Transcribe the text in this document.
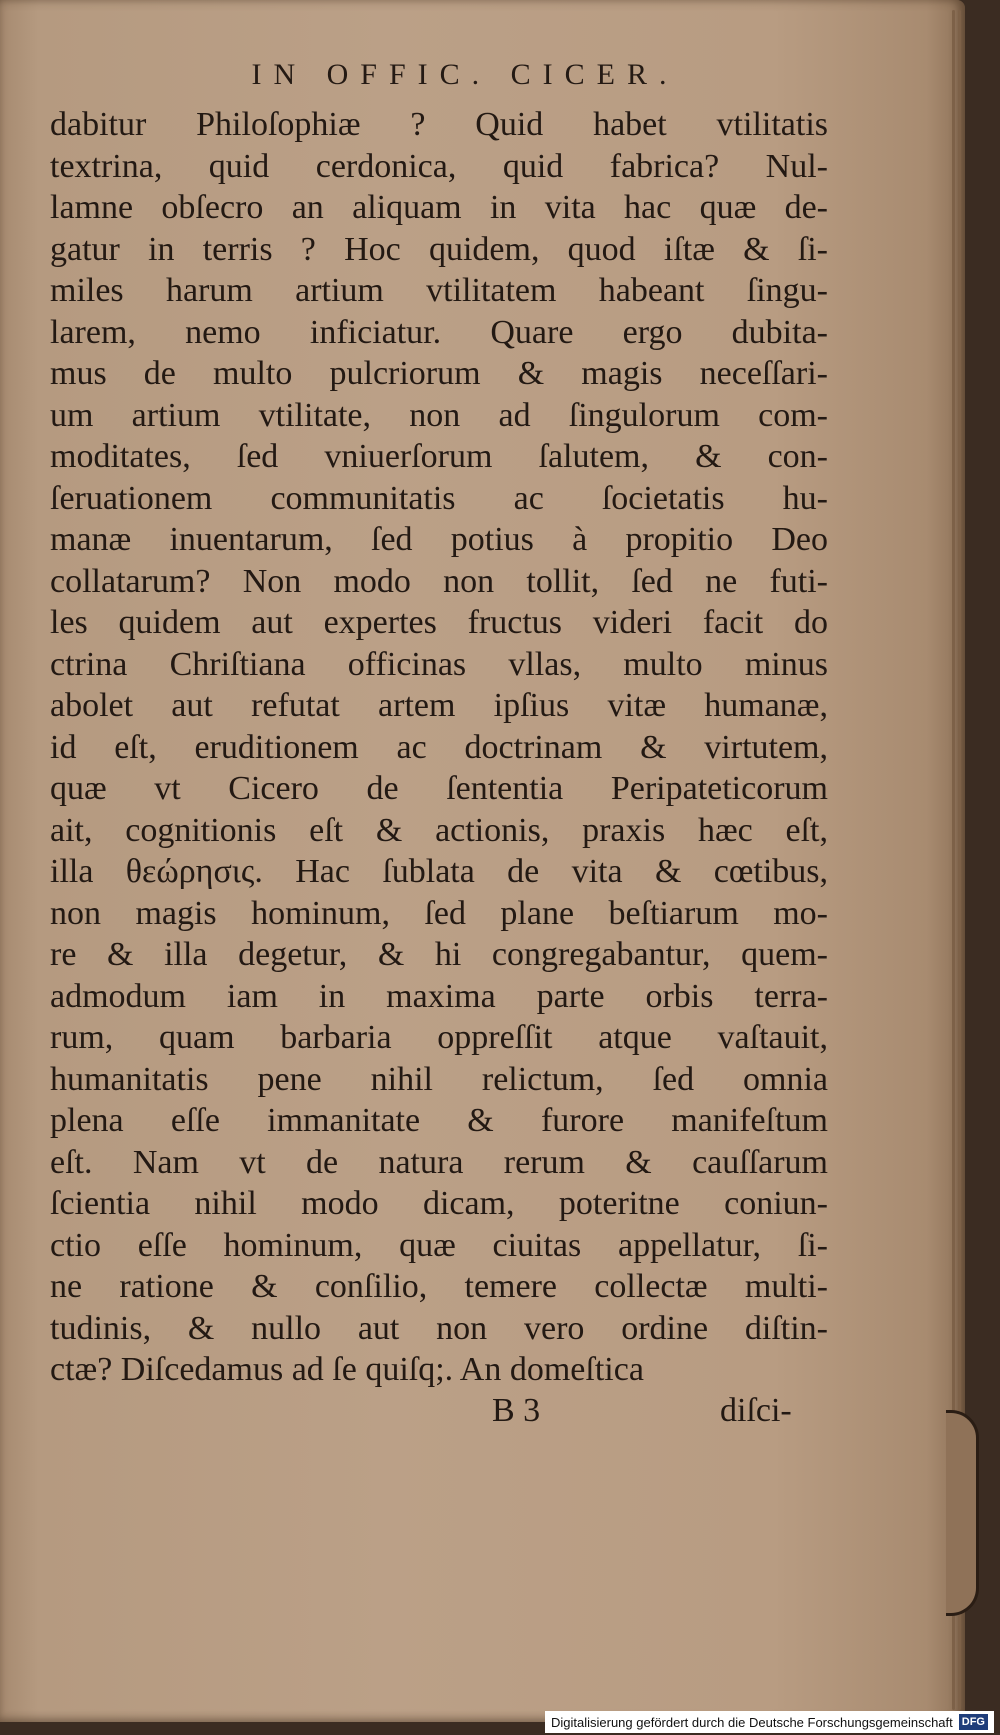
IN OFFIC. CICER.
dabitur Philoſophiæ ? Quid habet vtilitatis
textrina, quid cerdonica, quid fabrica? Nul-
lamne obſecro an aliquam in vita hac quæ de-
gatur in terris ? Hoc quidem, quod iſtæ & ſi-
miles harum artium vtilitatem habeant ſingu-
larem, nemo inficiatur. Quare ergo dubita-
mus de multo pulcriorum & magis neceſſari-
um artium vtilitate, non ad ſingulorum com-
moditates, ſed vniuerſorum ſalutem, & con-
ſeruationem communitatis ac ſocietatis hu-
manæ inuentarum, ſed potius à propitio Deo
collatarum? Non modo non tollit, ſed ne futi-
les quidem aut expertes fructus videri facit do
ctrina Chriſtiana officinas vllas, multo minus
abolet aut refutat artem ipſius vitæ humanæ,
id eſt, eruditionem ac doctrinam & virtutem,
quæ vt Cicero de ſententia Peripateticorum
ait, cognitionis eſt & actionis, praxis hæc eſt,
illa θεώρησις. Hac ſublata de vita & cœtibus,
non magis hominum, ſed plane beſtiarum mo-
re & illa degetur, & hi congregabantur, quem-
admodum iam in maxima parte orbis terra-
rum, quam barbaria oppreſſit atque vaſtauit,
humanitatis pene nihil relictum, ſed omnia
plena eſſe immanitate & furore manifeſtum
eſt. Nam vt de natura rerum & cauſſarum
ſcientia nihil modo dicam, poteritne coniun-
ctio eſſe hominum, quæ ciuitas appellatur, ſi-
ne ratione & conſilio, temere collectæ multi-
tudinis, & nullo aut non vero ordine diſtin-
ctæ? Diſcedamus ad ſe quiſq;. An domeſtica
B 3	diſci-
Digitalisierung gefördert durch die Deutsche Forschungsgemeinschaft DFG
